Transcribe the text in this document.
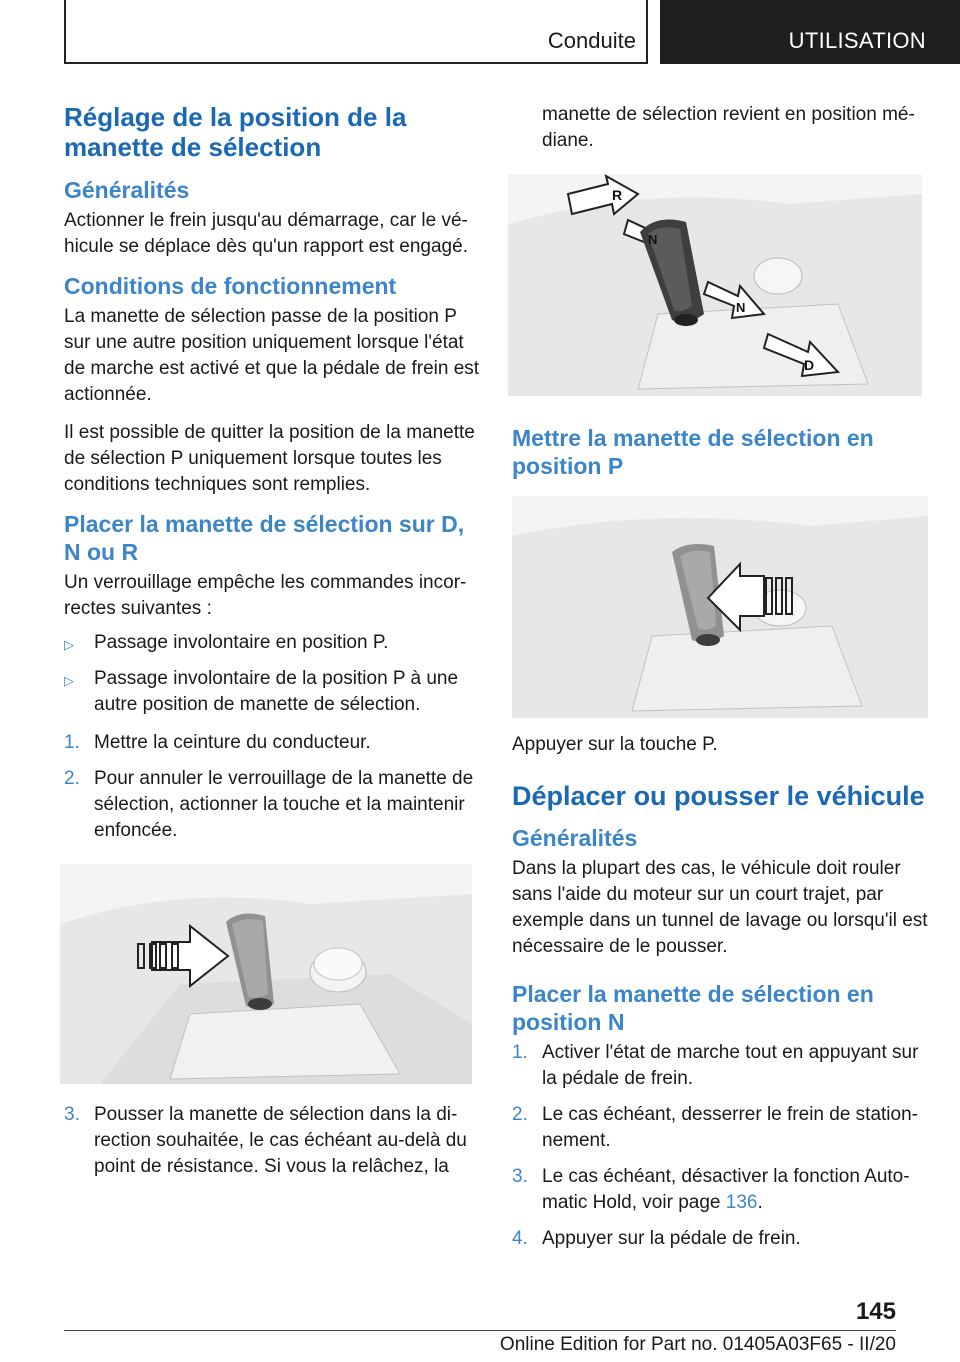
Conduite	UTILISATION
Réglage de la position de la manette de sélection
Généralités

Actionner le frein jusqu'au démarrage, car le vé-hicule se déplace dès qu'un rapport est engagé.

Conditions de fonctionnement

La manette de sélection passe de la position P sur une autre position uniquement lorsque l'état de marche est activé et que la pédale de frein est actionnée.

Il est possible de quitter la position de la manette de sélection P uniquement lorsque toutes les conditions techniques sont remplies.

Placer la manette de sélection sur D, N ou R

Un verrouillage empêche les commandes incor-rectes suivantes :

▷ Passage involontaire en position P.
▷ Passage involontaire de la position P à une autre position de manette de sélection.
1. Mettre la ceinture du conducteur.
2. Pour annuler le verrouillage de la manette de sélection, actionner la touche et la maintenir enfoncée.
3. Pousser la manette de sélection dans la di-rection souhaitée, le cas échéant au-delà du point de résistance. Si vous la relâchez, la

manette de sélection revient en position mé-diane.

R
N
N
D
Mettre la manette de sélection en position P

Appuyer sur la touche P.

Déplacer ou pousser le véhicule
Généralités

Dans la plupart des cas, le véhicule doit rouler sans l'aide du moteur sur un court trajet, par exemple dans un tunnel de lavage ou lorsqu'il est nécessaire de le pousser.

Placer la manette de sélection en position N
1. Activer l'état de marche tout en appuyant sur la pédale de frein.
2. Le cas échéant, desserrer le frein de station-nement.
3. Le cas échéant, désactiver la fonction Auto-matic Hold, voir page 136.
4. Appuyer sur la pédale de frein.
145
Online Edition for Part no. 01405A03F65 - II/20
